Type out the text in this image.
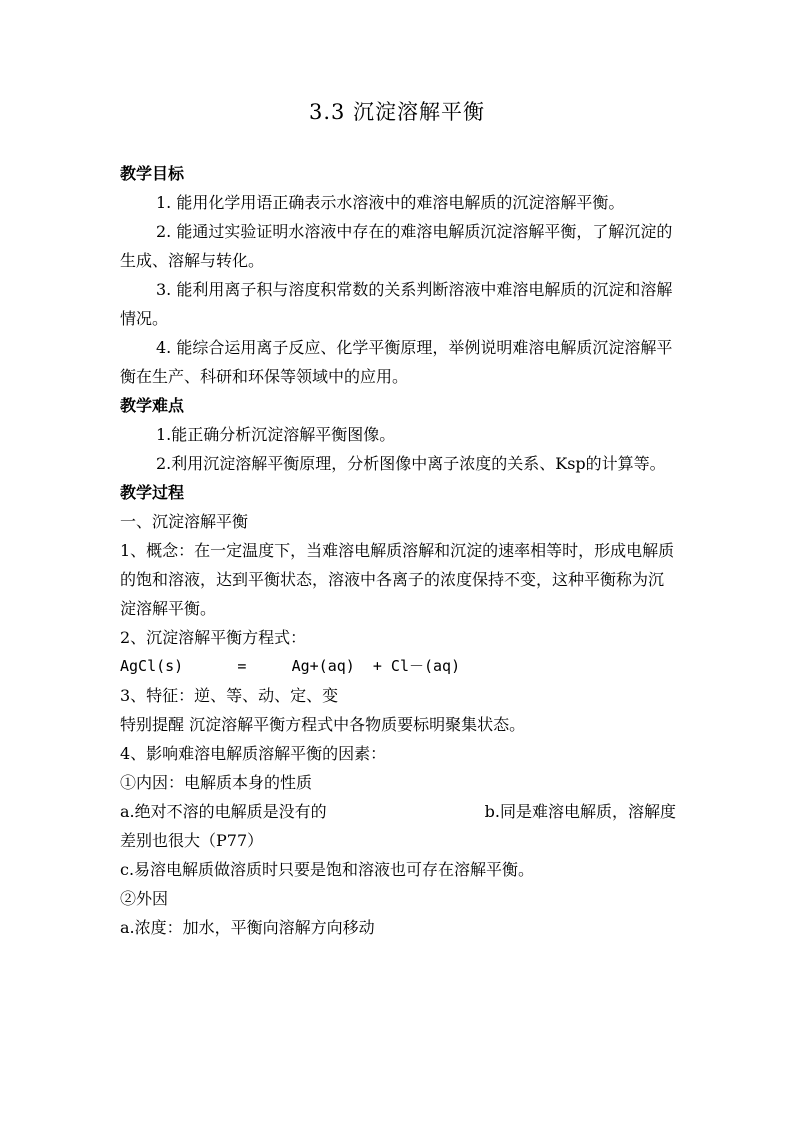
3.3 沉淀溶解平衡

教学目标

1. 能用化学用语正确表示水溶液中的难溶电解质的沉淀溶解平衡。

2. 能通过实验证明水溶液中存在的难溶电解质沉淀溶解平衡，了解沉淀的生成、溶解与转化。

3. 能利用离子积与溶度积常数的关系判断溶液中难溶电解质的沉淀和溶解情况。

4. 能综合运用离子反应、化学平衡原理，举例说明难溶电解质沉淀溶解平衡在生产、科研和环保等领域中的应用。

教学难点

1.能正确分析沉淀溶解平衡图像。

2.利用沉淀溶解平衡原理，分析图像中离子浓度的关系、Ksp的计算等。

教学过程

一、沉淀溶解平衡

1、概念：在一定温度下，当难溶电解质溶解和沉淀的速率相等时，形成电解质的饱和溶液，达到平衡状态，溶液中各离子的浓度保持不变，这种平衡称为沉淀溶解平衡。

2、沉淀溶解平衡方程式：

AgCl(s)      =     Ag+(aq)  + Cl－(aq)

3、特征：逆、等、动、定、变

特别提醒 沉淀溶解平衡方程式中各物质要标明聚集状态。

4、影响难溶电解质溶解平衡的因素：

①内因：电解质本身的性质

a.绝对不溶的电解质是没有的	b.同是难溶电解质，溶解度

差别也很大（P77）

c.易溶电解质做溶质时只要是饱和溶液也可存在溶解平衡。

②外因

a.浓度：加水，平衡向溶解方向移动
